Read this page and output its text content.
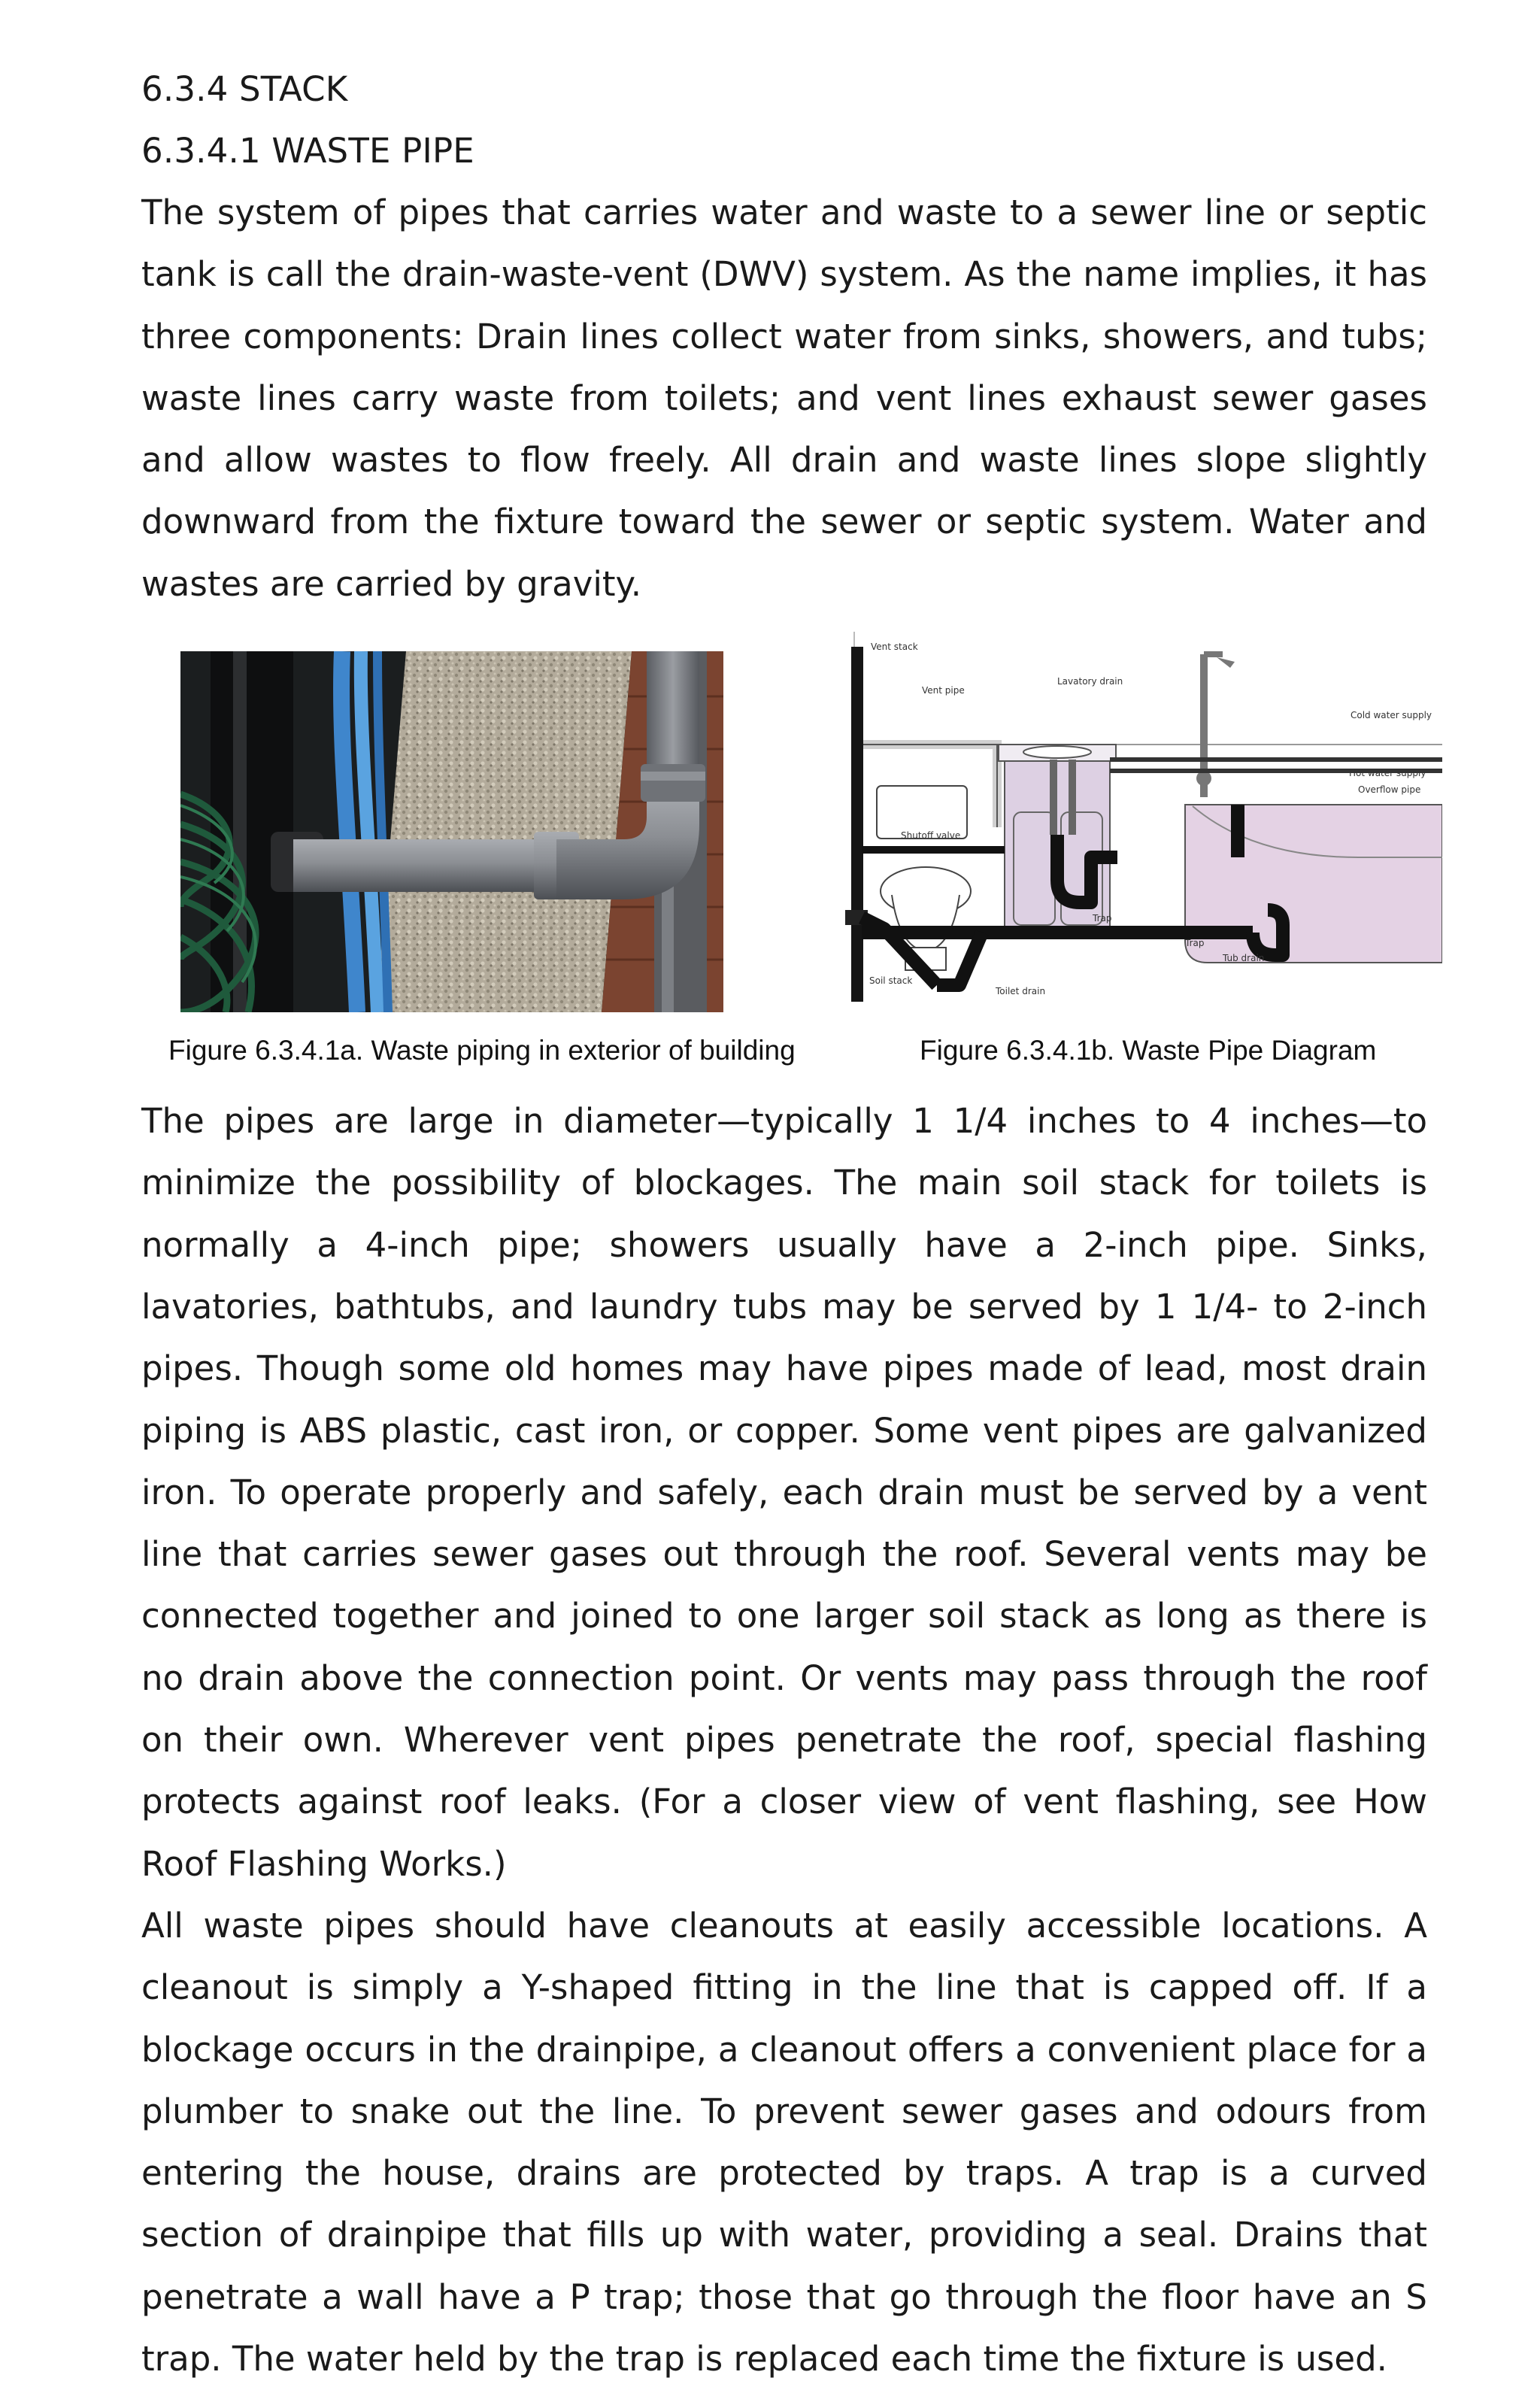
6.3.4 STACK

6.3.4.1 WASTE PIPE

The system of pipes that carries water and waste to a sewer line or septic tank is call the drain-waste-vent (DWV) system. As the name implies, it has three components: Drain lines collect water from sinks, showers, and tubs; waste lines carry waste from toilets; and vent lines exhaust sewer gases and allow wastes to flow freely. All drain and waste lines slope slightly downward from the fixture toward the sewer or septic system. Water and wastes are carried by gravity.

Vent stack
Vent pipe
Lavatory drain
Cold water supply
Hot water supply
Overflow pipe
Shutoff valve
Trap
Trap
Tub drain
Soil stack
Toilet drain
Figure 6.3.4.1a. Waste piping in exterior of building	Figure 6.3.4.1b. Waste Pipe Diagram

The pipes are large in diameter—typically 1 1/4 inches to 4 inches—to minimize the possibility of blockages. The main soil stack for toilets is normally a 4-inch pipe; showers usually have a 2-inch pipe. Sinks, lavatories, bathtubs, and laundry tubs may be served by 1 1/4- to 2-inch pipes. Though some old homes may have pipes made of lead, most drain piping is ABS plastic, cast iron, or copper. Some vent pipes are galvanized iron. To operate properly and safely, each drain must be served by a vent line that carries sewer gases out through the roof. Several vents may be connected together and joined to one larger soil stack as long as there is no drain above the connection point. Or vents may pass through the roof on their own. Wherever vent pipes penetrate the roof, special flashing protects against roof leaks. (For a closer view of vent flashing, see How Roof Flashing Works.)

All waste pipes should have cleanouts at easily accessible locations. A cleanout is simply a Y-shaped fitting in the line that is capped off. If a blockage occurs in the drainpipe, a cleanout offers a convenient place for a plumber to snake out the line. To prevent sewer gases and odours from entering the house, drains are protected by traps. A trap is a curved section of drainpipe that fills up with water, providing a seal. Drains that penetrate a wall have a P trap; those that go through the floor have an S trap. The water held by the trap is replaced each time the fixture is used.
